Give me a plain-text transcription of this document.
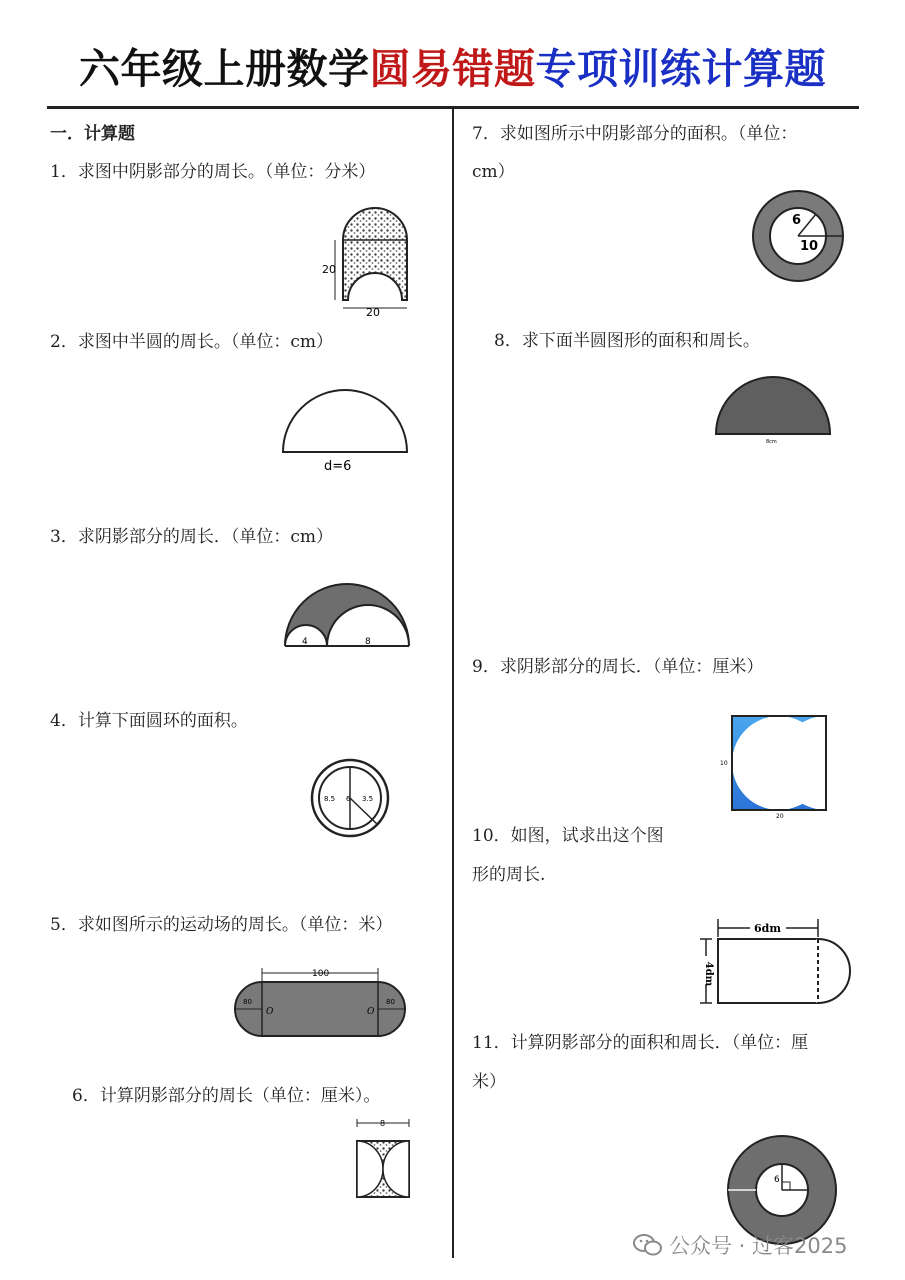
六年级上册数学圆易错题专项训练计算题
一．计算题
1．求图中阴影部分的周长。（单位：分米）
20
20
2．求图中半圆的周长。（单位：cm）
d=6
3．求阴影部分的周长．（单位：cm）
4	8
4．计算下面圆环的面积。
8.5 6 3.5
5．求如图所示的运动场的周长。（单位：米）
100
80	80
O	O
6．计算阴影部分的周长（单位：厘米）。
8
7．求如图所示中阴影部分的面积。（单位：
cm）
6
10
8．求下面半圆图形的面积和周长。
8cm
9．求阴影部分的周长．（单位：厘米）
10
20
10．如图，试求出这个图
形的周长.
6dm
4dm
11．计算阴影部分的面积和周长．（单位：厘
米）
6
公众号 · 过客2025
